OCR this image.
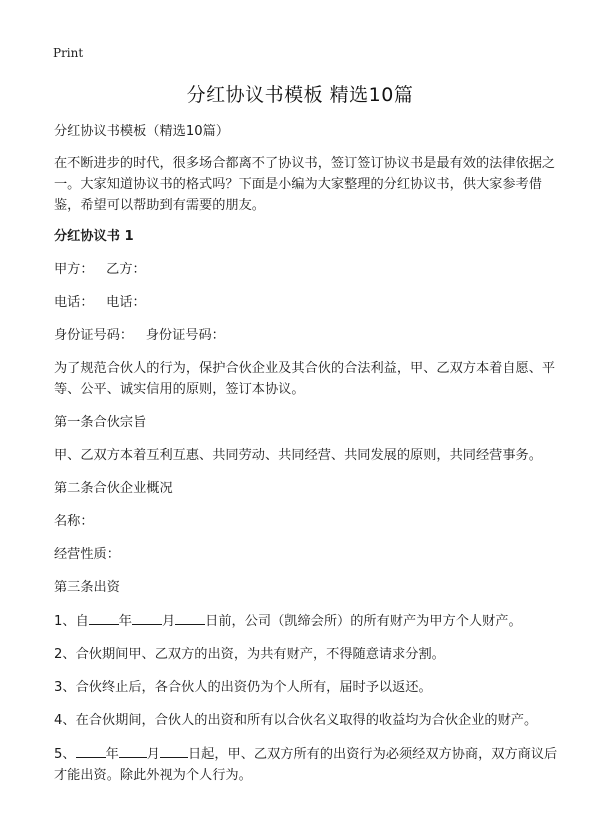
Print
分红协议书模板 精选10篇

分红协议书模板（精选10篇）

在不断进步的时代，很多场合都离不了协议书，签订签订协议书是最有效的法律依据之一。大家知道协议书的格式吗？下面是小编为大家整理的分红协议书，供大家参考借鉴，希望可以帮助到有需要的朋友。

分红协议书 1

甲方：   乙方：

电话：   电话：

身份证号码：   身份证号码：

为了规范合伙人的行为，保护合伙企业及其合伙的合法利益，甲、乙双方本着自愿、平等、公平、诚实信用的原则，签订本协议。

第一条合伙宗旨

甲、乙双方本着互利互惠、共同劳动、共同经营、共同发展的原则，共同经营事务。

第二条合伙企业概况

名称：

经营性质：

第三条出资

1、自 年 月 日前，公司（凯缔会所）的所有财产为甲方个人财产。

2、合伙期间甲、乙双方的出资，为共有财产，不得随意请求分割。

3、合伙终止后，各合伙人的出资仍为个人所有，届时予以返还。

4、在合伙期间，合伙人的出资和所有以合伙名义取得的收益均为合伙企业的财产。

5、 年 月 日起，甲、乙双方所有的出资行为必须经双方协商，双方商议后才能出资。除此外视为个人行为。
